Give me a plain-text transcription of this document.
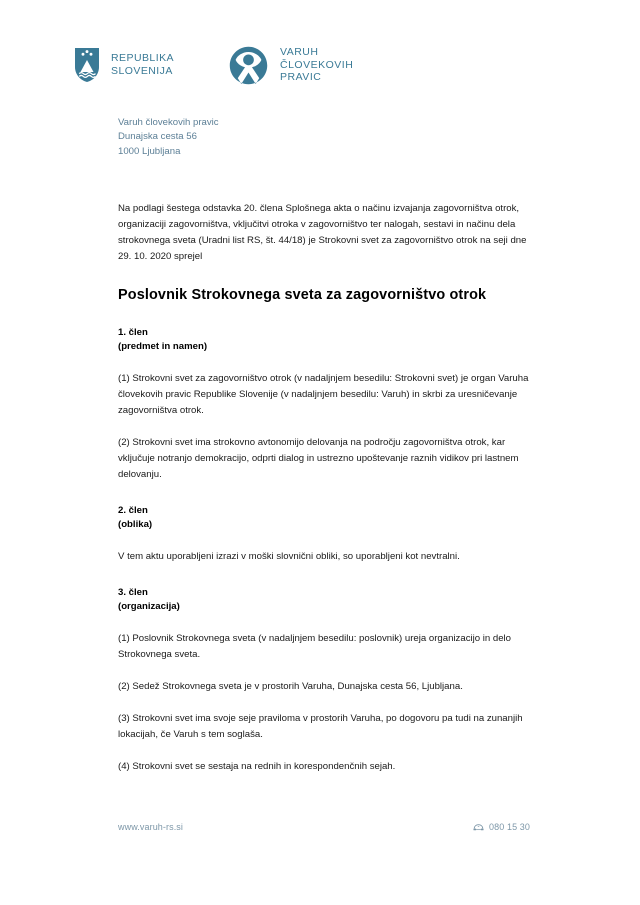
REPUBLIKA
SLOVENIJA
VARUH
ČLOVEKOVIH
PRAVIC
Varuh človekovih pravic
Dunajska cesta 56
1000 Ljubljana

Na podlagi šestega odstavka 20. člena Splošnega akta o načinu izvajanja zagovorništva otrok, organizaciji zagovorništva, vključitvi otroka v zagovorništvo ter nalogah, sestavi in načinu dela strokovnega sveta (Uradni list RS, št. 44/18) je Strokovni svet za zagovorništvo otrok na seji dne 29. 10. 2020 sprejel

Poslovnik Strokovnega sveta za zagovorništvo otrok
1. člen
(predmet in namen)

(1) Strokovni svet za zagovorništvo otrok (v nadaljnjem besedilu: Strokovni svet) je organ Varuha človekovih pravic Republike Slovenije (v nadaljnjem besedilu: Varuh) in skrbi za uresničevanje zagovorništva otrok.

(2) Strokovni svet ima strokovno avtonomijo delovanja na področju zagovorništva otrok, kar vključuje notranjo demokracijo, odprti dialog in ustrezno upoštevanje raznih vidikov pri lastnem delovanju.

2. člen
(oblika)

V tem aktu uporabljeni izrazi v moški slovnični obliki, so uporabljeni kot nevtralni.

3. člen
(organizacija)

(1) Poslovnik Strokovnega sveta (v nadaljnjem besedilu: poslovnik) ureja organizacijo in delo Strokovnega sveta.

(2) Sedež Strokovnega sveta je v prostorih Varuha, Dunajska cesta 56, Ljubljana.

(3) Strokovni svet ima svoje seje praviloma v prostorih Varuha, po dogovoru pa tudi na zunanjih lokacijah, če Varuh s tem soglaša.

(4) Strokovni svet se sestaja na rednih in korespondenčnih sejah.

www.varuh-rs.si	080 15 30
